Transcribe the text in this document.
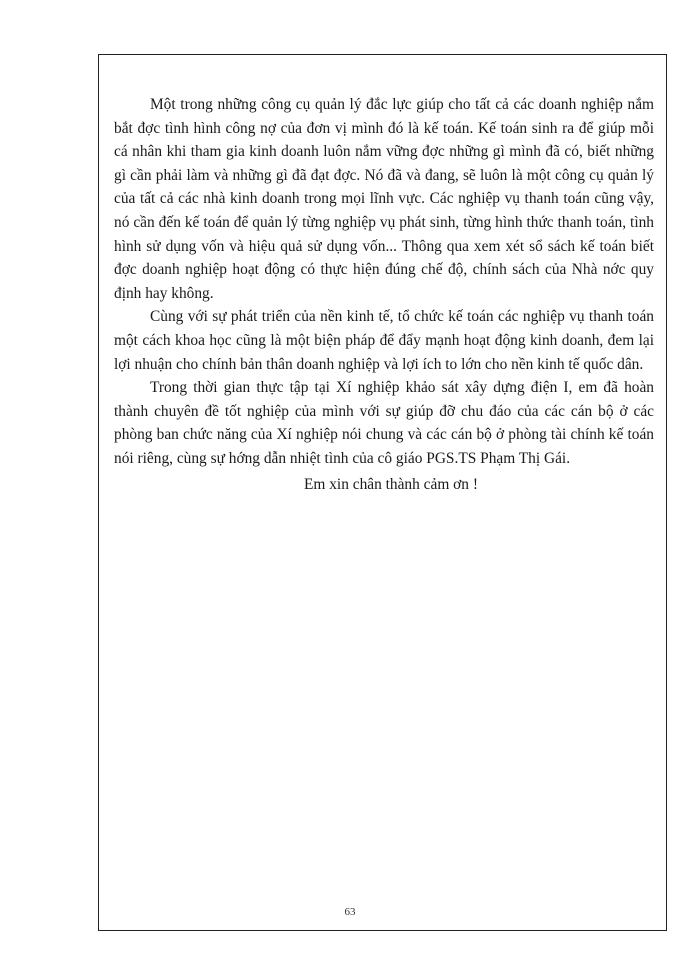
Một trong những công cụ quản lý đắc lực giúp cho tất cả các doanh nghiệp nắm bắt đợc tình hình công nợ của đơn vị mình đó là kế toán. Kế toán sinh ra để giúp mỗi cá nhân khi tham gia kinh doanh luôn nắm vững đợc những gì mình đã có, biết những gì cần phải làm và những gì đã đạt đợc. Nó đã và đang, sẽ luôn là một công cụ quản lý của tất cả các nhà kinh doanh trong mọi lĩnh vực. Các nghiệp vụ thanh toán cũng vậy, nó cần đến kế toán để quản lý từng nghiệp vụ phát sinh, từng hình thức thanh toán, tình hình sử dụng vốn và hiệu quả sử dụng vốn... Thông qua xem xét sổ sách kế toán biết đợc doanh nghiệp hoạt động có thực hiện đúng chế độ, chính sách của Nhà nớc quy định hay không.

Cùng với sự phát triển của nền kinh tế, tổ chức kế toán các nghiệp vụ thanh toán một cách khoa học cũng là một biện pháp để đẩy mạnh hoạt động kinh doanh, đem lại lợi nhuận cho chính bản thân doanh nghiệp và lợi ích to lớn cho nền kinh tế quốc dân.

Trong thời gian thực tập tại Xí nghiệp khảo sát xây dựng điện I, em đã hoàn thành chuyên đề tốt nghiệp của mình với sự giúp đỡ chu đáo của các cán bộ ở các phòng ban chức năng của Xí nghiệp nói chung và các cán bộ ở phòng tài chính kế toán nói riêng, cùng sự hớng dẫn nhiệt tình của cô giáo PGS.TS Phạm Thị Gái.

Em xin chân thành cảm ơn !

63
